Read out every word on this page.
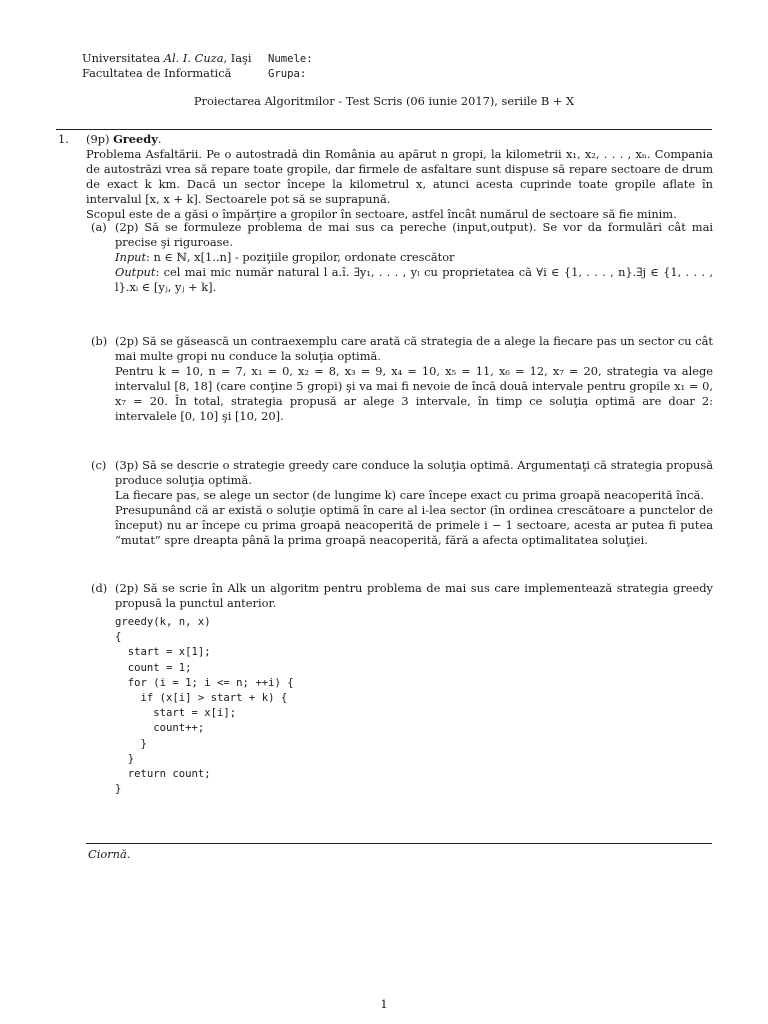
Universitatea Al. I. Cuza, Iaşi Numele:
Facultatea de Informatică	Grupa:
Proiectarea Algoritmilor - Test Scris (06 iunie 2017), seriile B + X
1. (9p) Greedy.

Problema Asfaltării. Pe o autostradă din România au apărut n gropi, la kilometrii x₁, x₂, . . . , xₙ. Compania de autostrăzi vrea să repare toate gropile, dar firmele de asfaltare sunt dispuse să repare sectoare de drum de exact k km. Dacă un sector începe la kilometrul x, atunci acesta cuprinde toate gropile aflate în intervalul [x, x + k]. Sectoarele pot să se suprapună.

Scopul este de a găsi o împărţire a gropilor în sectoare, astfel încât numărul de sectoare să fie minim.

(a) (2p) Să se formuleze problema de mai sus ca pereche (input,output). Se vor da formulări cât mai precise şi riguroase.

Input: n ∈ ℕ, x[1..n] - poziţiile gropilor, ordonate crescător

Output: cel mai mic număr natural l a.î. ∃y₁, . . . , yₗ cu proprietatea că ∀i ∈ {1, . . . , n}.∃j ∈ {1, . . . , l}.xᵢ ∈ [yⱼ, yⱼ + k].

(b) (2p) Să se găsească un contraexemplu care arată că strategia de a alege la fiecare pas un sector cu cât mai multe gropi nu conduce la soluţia optimă.

Pentru k = 10, n = 7, x₁ = 0, x₂ = 8, x₃ = 9, x₄ = 10, x₅ = 11, x₆ = 12, x₇ = 20, strategia va alege intervalul [8, 18] (care conţine 5 gropi) şi va mai fi nevoie de încă două intervale pentru gropile x₁ = 0, x₇ = 20. În total, strategia propusă ar alege 3 intervale, în timp ce soluţia optimă are doar 2: intervalele [0, 10] şi [10, 20].

(c) (3p) Să se descrie o strategie greedy care conduce la soluţia optimă. Argumentaţi că strategia propusă produce soluţia optimă.

La fiecare pas, se alege un sector (de lungime k) care începe exact cu prima groapă neacoperită încă.

Presupunând că ar există o soluţie optimă în care al i-lea sector (în ordinea crescătoare a punctelor de început) nu ar începe cu prima groapă neacoperită de primele i − 1 sectoare, acesta ar putea fi putea “mutat” spre dreapta până la prima groapă neacoperită, fără a afecta optimalitatea soluţiei.

(d) (2p) Să se scrie în Alk un algoritm pentru problema de mai sus care implementează strategia greedy propusă la punctul anterior.

greedy(k, n, x)
{
start = x[1];
count = 1;
for (i = 1; i <= n; ++i) {
if (x[i] > start + k) {
start = x[i];
count++;
}
}
return count;
}
Ciornă.
1
